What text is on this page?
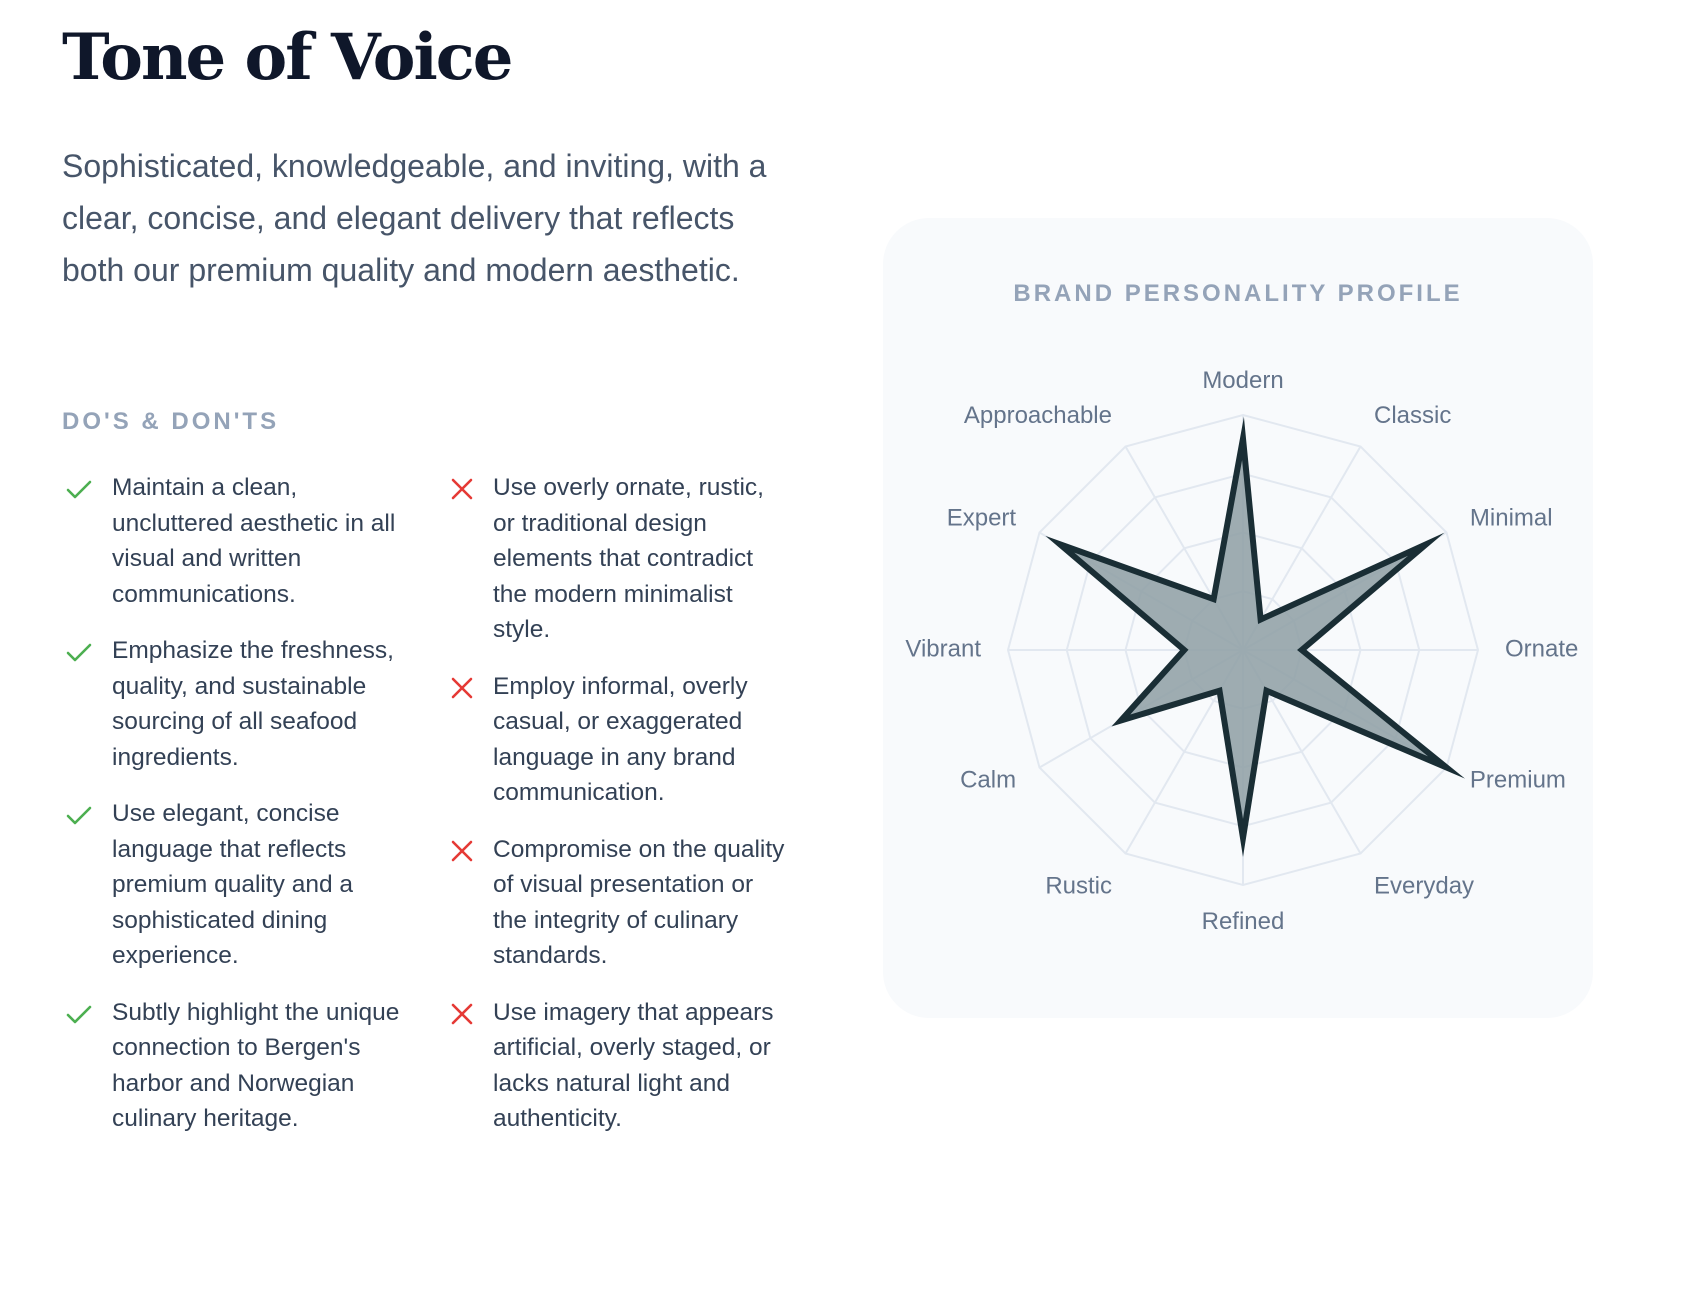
Tone of Voice

Sophisticated, knowledgeable, and inviting, with a clear, concise, and elegant delivery that reflects both our premium quality and modern aesthetic.

DO'S & DON'TS
Maintain a clean, uncluttered aesthetic in all visual and written communications.
Emphasize the freshness, quality, and sustainable sourcing of all seafood ingredients.
Use elegant, concise language that reflects premium quality and a sophisticated dining experience.
Subtly highlight the unique connection to Bergen's harbor and Norwegian culinary heritage.
Use overly ornate, rustic, or traditional design elements that contradict the modern minimalist style.
Employ informal, overly casual, or exaggerated language in any brand communication.
Compromise on the quality of visual presentation or the integrity of culinary standards.
Use imagery that appears artificial, overly staged, or lacks natural light and authenticity.
BRAND PERSONALITY PROFILE
Modern
Classic
Minimal
Ornate
Premium
Everyday
Refined
Rustic
Calm
Vibrant
Expert
Approachable
